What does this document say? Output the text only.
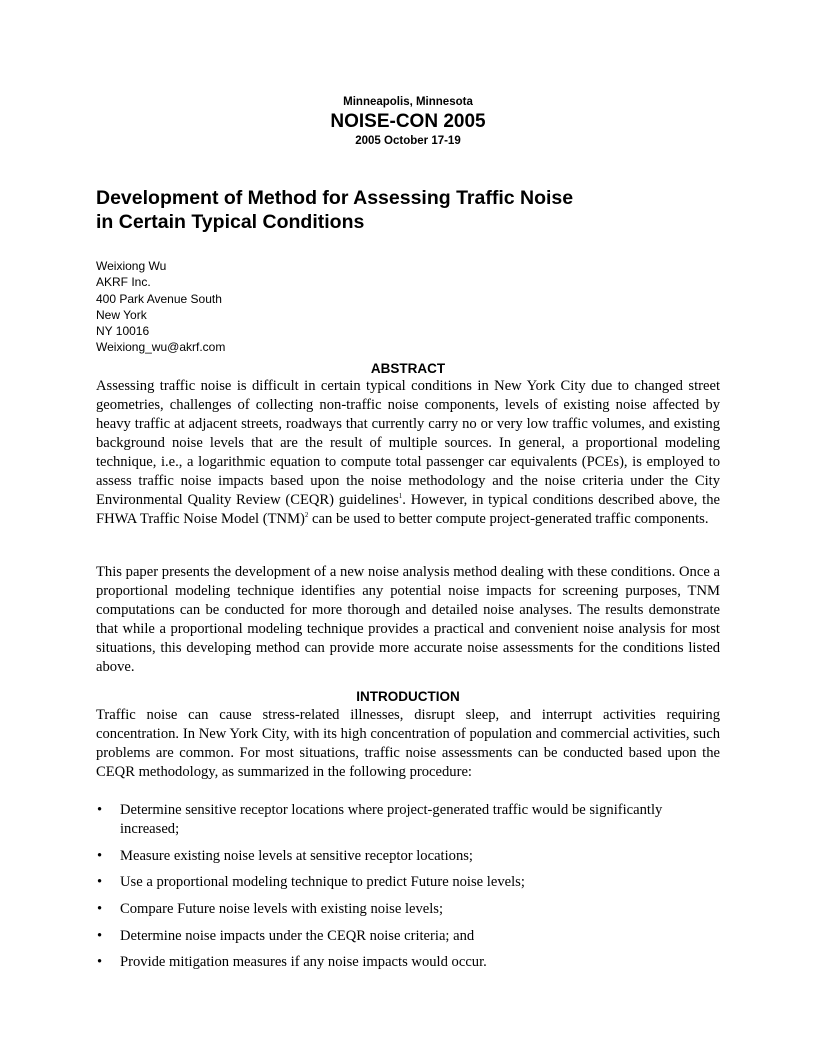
Minneapolis, Minnesota
NOISE-CON 2005
2005 October 17-19
Development of Method for Assessing Traffic Noise
in Certain Typical Conditions
Weixiong Wu
AKRF Inc.
400 Park Avenue South
New York
NY 10016
Weixiong_wu@akrf.com
ABSTRACT

Assessing traffic noise is difficult in certain typical conditions in New York City due to changed street geometries, challenges of collecting non-traffic noise components, levels of existing noise affected by heavy traffic at adjacent streets, roadways that currently carry no or very low traffic volumes, and existing background noise levels that are the result of multiple sources. In general, a proportional modeling technique, i.e., a logarithmic equation to compute total passenger car equivalents (PCEs), is employed to assess traffic noise impacts based upon the noise methodology and the noise criteria under the City Environmental Quality Review (CEQR) guidelines$^1$. However, in typical conditions described above, the FHWA Traffic Noise Model (TNM)$^2$ can be used to better compute project-generated traffic components.

This paper presents the development of a new noise analysis method dealing with these conditions. Once a proportional modeling technique identifies any potential noise impacts for screening purposes, TNM computations can be conducted for more thorough and detailed noise analyses. The results demonstrate that while a proportional modeling technique provides a practical and convenient noise analysis for most situations, this developing method can provide more accurate noise assessments for the conditions listed above.

INTRODUCTION

Traffic noise can cause stress-related illnesses, disrupt sleep, and interrupt activities requiring concentration. In New York City, with its high concentration of population and commercial activities, such problems are common. For most situations, traffic noise assessments can be conducted based upon the CEQR methodology, as summarized in the following procedure:

• Determine sensitive receptor locations where project-generated traffic would be significantly increased;
• Measure existing noise levels at sensitive receptor locations;
• Use a proportional modeling technique to predict Future noise levels;
• Compare Future noise levels with existing noise levels;
• Determine noise impacts under the CEQR noise criteria; and
• Provide mitigation measures if any noise impacts would occur.
